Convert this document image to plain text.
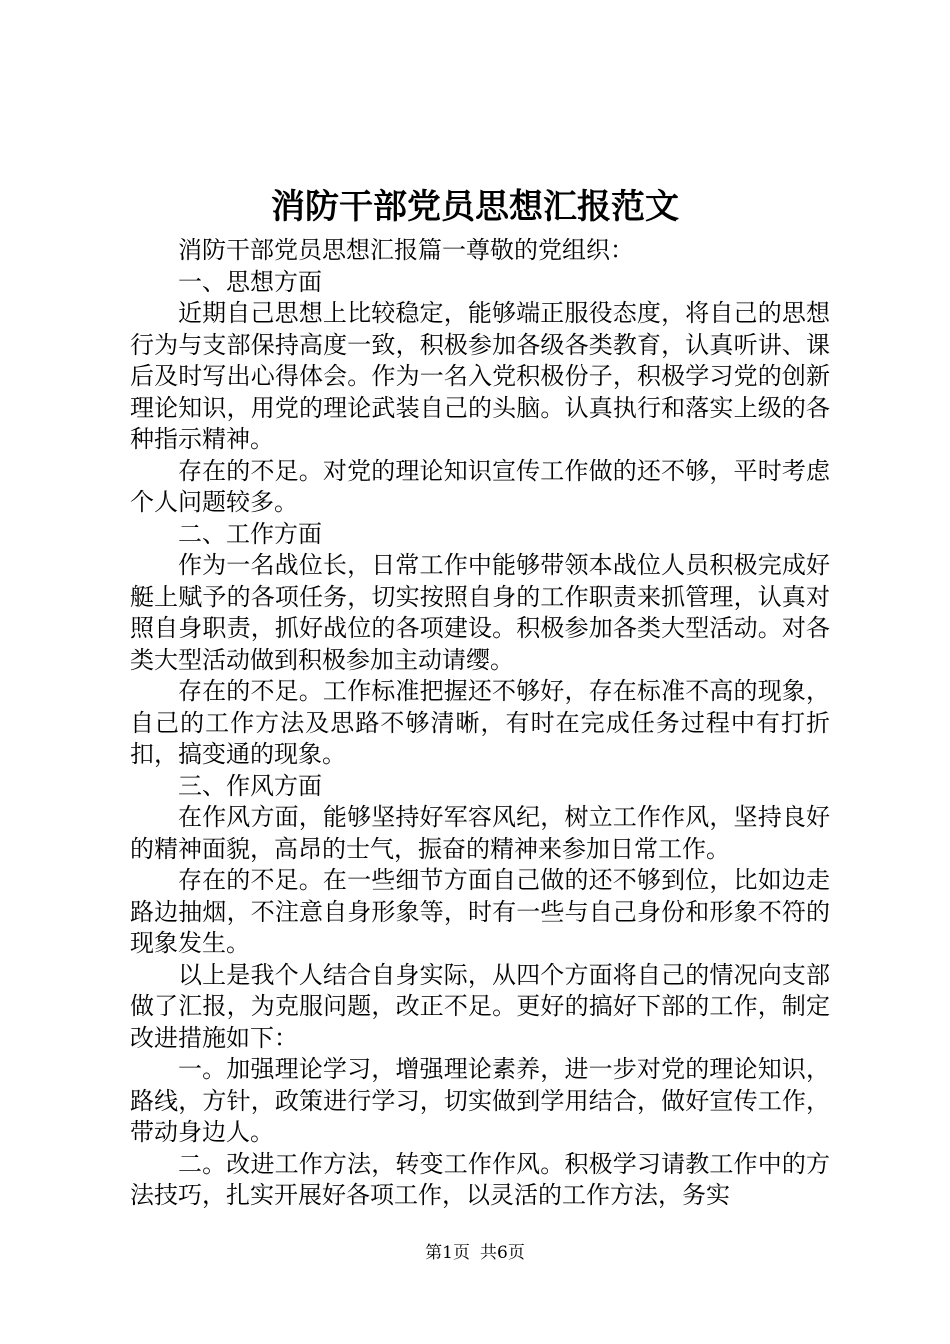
消防干部党员思想汇报范文

消防干部党员思想汇报篇一尊敬的党组织：

一、思想方面

近期自己思想上比较稳定，能够端正服役态度，将自己的思想行为与支部保持高度一致，积极参加各级各类教育，认真听讲、课后及时写出心得体会。作为一名入党积极份子，积极学习党的创新理论知识，用党的理论武装自己的头脑。认真执行和落实上级的各种指示精神。

存在的不足。对党的理论知识宣传工作做的还不够，平时考虑个人问题较多。

二、工作方面

作为一名战位长，日常工作中能够带领本战位人员积极完成好艇上赋予的各项任务，切实按照自身的工作职责来抓管理，认真对照自身职责，抓好战位的各项建设。积极参加各类大型活动。对各类大型活动做到积极参加主动请缨。

存在的不足。工作标准把握还不够好，存在标准不高的现象，自己的工作方法及思路不够清晰，有时在完成任务过程中有打折扣，搞变通的现象。

三、作风方面

在作风方面，能够坚持好军容风纪，树立工作作风，坚持良好的精神面貌，高昂的士气，振奋的精神来参加日常工作。

存在的不足。在一些细节方面自己做的还不够到位，比如边走路边抽烟，不注意自身形象等，时有一些与自己身份和形象不符的现象发生。

以上是我个人结合自身实际，从四个方面将自己的情况向支部做了汇报，为克服问题，改正不足。更好的搞好下部的工作，制定改进措施如下：

一。加强理论学习，增强理论素养，进一步对党的理论知识，路线，方针，政策进行学习，切实做到学用结合，做好宣传工作，带动身边人。

二。改进工作方法，转变工作作风。积极学习请教工作中的方法技巧，扎实开展好各项工作，以灵活的工作方法，务实

第1页 共6页
